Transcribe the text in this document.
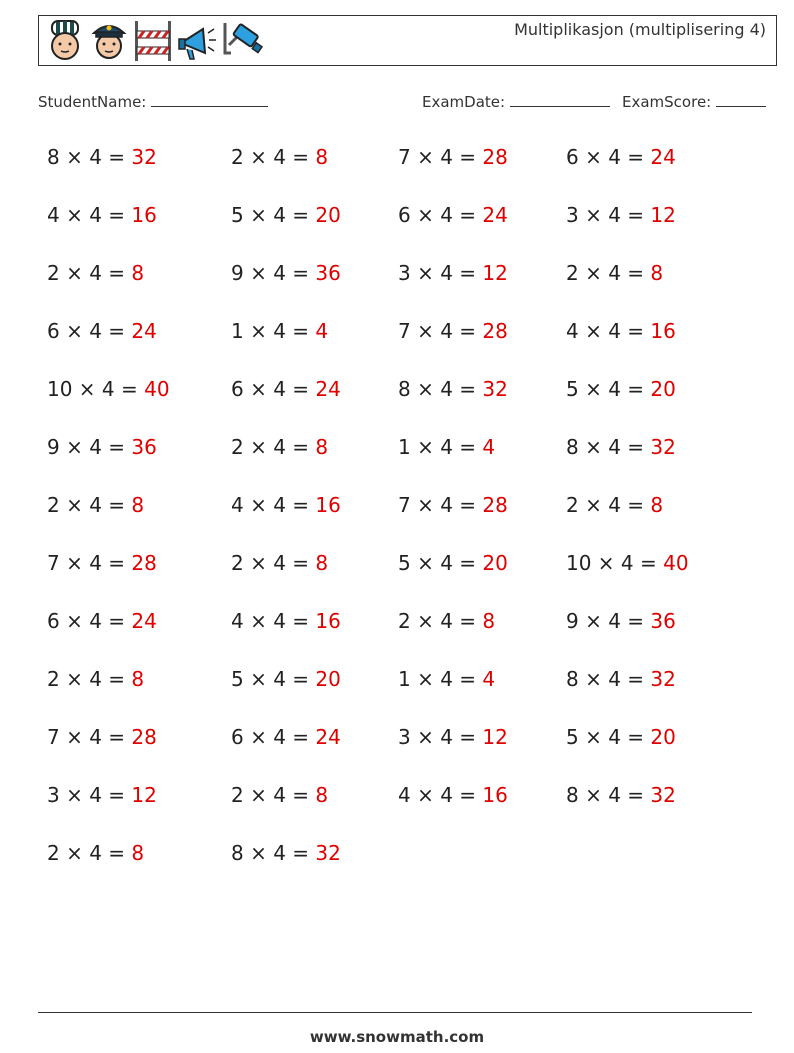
Multiplikasjon (multiplisering 4)
StudentName:	ExamDate:	ExamScore:
8 × 4 = 32	2 × 4 = 8	7 × 4 = 28	6 × 4 = 24
4 × 4 = 16	5 × 4 = 20	6 × 4 = 24	3 × 4 = 12
2 × 4 = 8	9 × 4 = 36	3 × 4 = 12	2 × 4 = 8
6 × 4 = 24	1 × 4 = 4	7 × 4 = 28	4 × 4 = 16
10 × 4 = 40	6 × 4 = 24	8 × 4 = 32	5 × 4 = 20
9 × 4 = 36	2 × 4 = 8	1 × 4 = 4	8 × 4 = 32
2 × 4 = 8	4 × 4 = 16	7 × 4 = 28	2 × 4 = 8
7 × 4 = 28	2 × 4 = 8	5 × 4 = 20	10 × 4 = 40
6 × 4 = 24	4 × 4 = 16	2 × 4 = 8	9 × 4 = 36
2 × 4 = 8	5 × 4 = 20	1 × 4 = 4	8 × 4 = 32
7 × 4 = 28	6 × 4 = 24	3 × 4 = 12	5 × 4 = 20
3 × 4 = 12	2 × 4 = 8	4 × 4 = 16	8 × 4 = 32
2 × 4 = 8	8 × 4 = 32
www.snowmath.com
